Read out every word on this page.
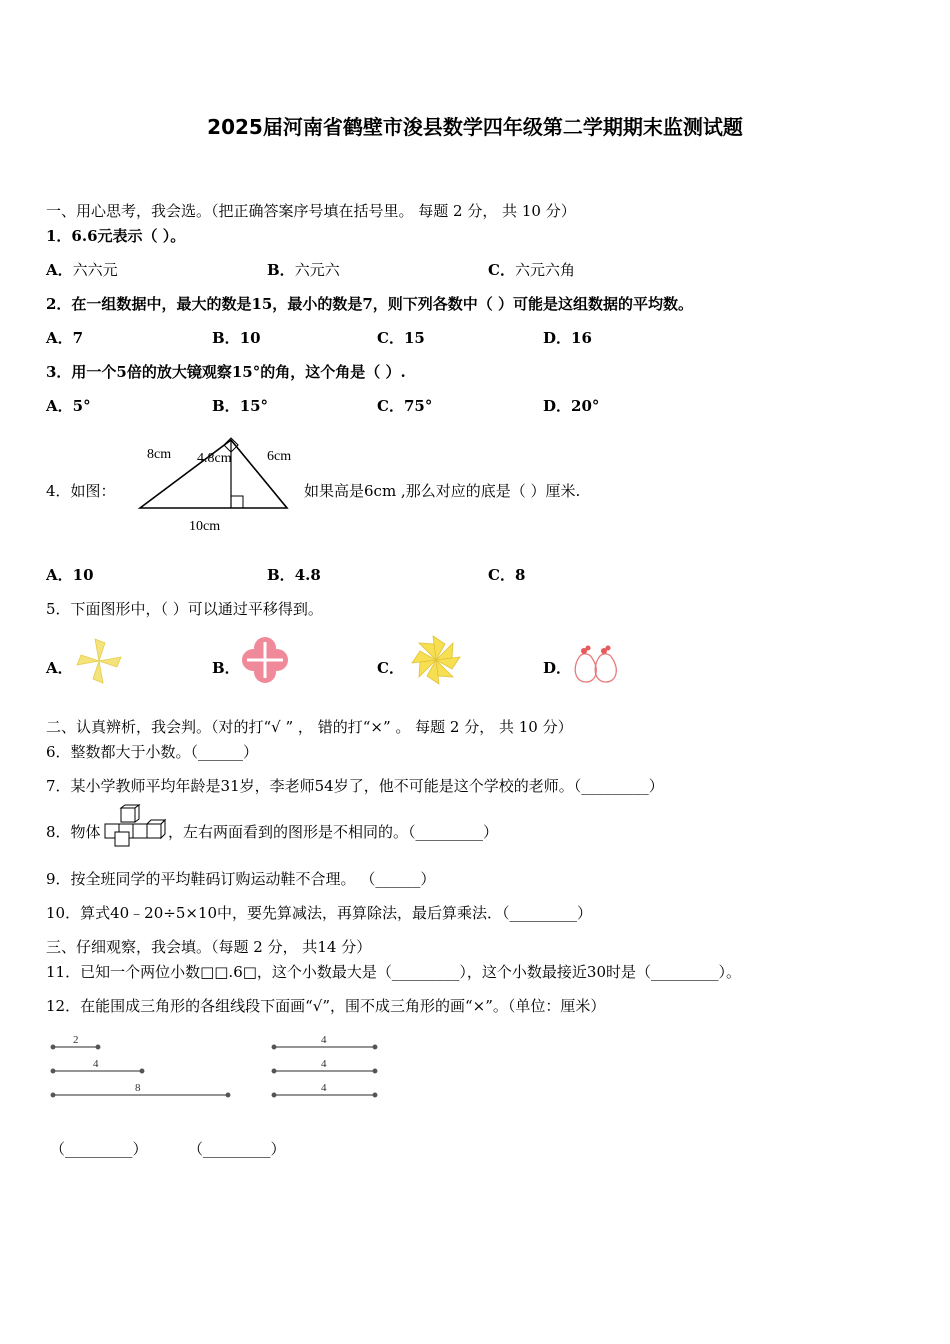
2025届河南省鹤壁市浚县数学四年级第二学期期末监测试题
一、用心思考，我会选。（把正确答案序号填在括号里。 每题 2 分， 共 10 分）
1．6.6元表示（ ）。
A．六六元	B．六元六	C．六元六角
2．在一组数据中，最大的数是15，最小的数是7，则下列各数中（ ）可能是这组数据的平均数。
A．7	B．10	C．15	D．16
3．用一个5倍的放大镜观察15°的角，这个角是（ ）.
A．5°	B．15°	C．75°	D．20°
4．如图：
8cm 4.8cm	6cm
10cm
如果高是6cm ,那么对应的底是（ ）厘米.
A．10	B．4.8	C．8
5．下面图形中，（ ）可以通过平移得到。
A．	B．	C．	D．
二、认真辨析，我会判。（对的打“√ ” ， 错的打“×” 。 每题 2 分， 共 10 分）
6．整数都大于小数。（______）
7．某小学教师平均年龄是31岁，李老师54岁了，他不可能是这个学校的老师。（_________）
8．物体	，左右两面看到的图形是不相同的。（_________）
9．按全班同学的平均鞋码订购运动鞋不合理。 （______）
10．算式40﹣20÷5×10中，要先算减法，再算除法，最后算乘法．（_________）
三、仔细观察，我会填。（每题 2 分， 共14 分）
11．已知一个两位小数□□.6□，这个小数最大是（_________），这个小数最接近30时是（_________）。
12．在能围成三角形的各组线段下面画“√”，围不成三角形的画“×”。（单位：厘米）
2
4
8
4
4
4
（_________）	（_________）
